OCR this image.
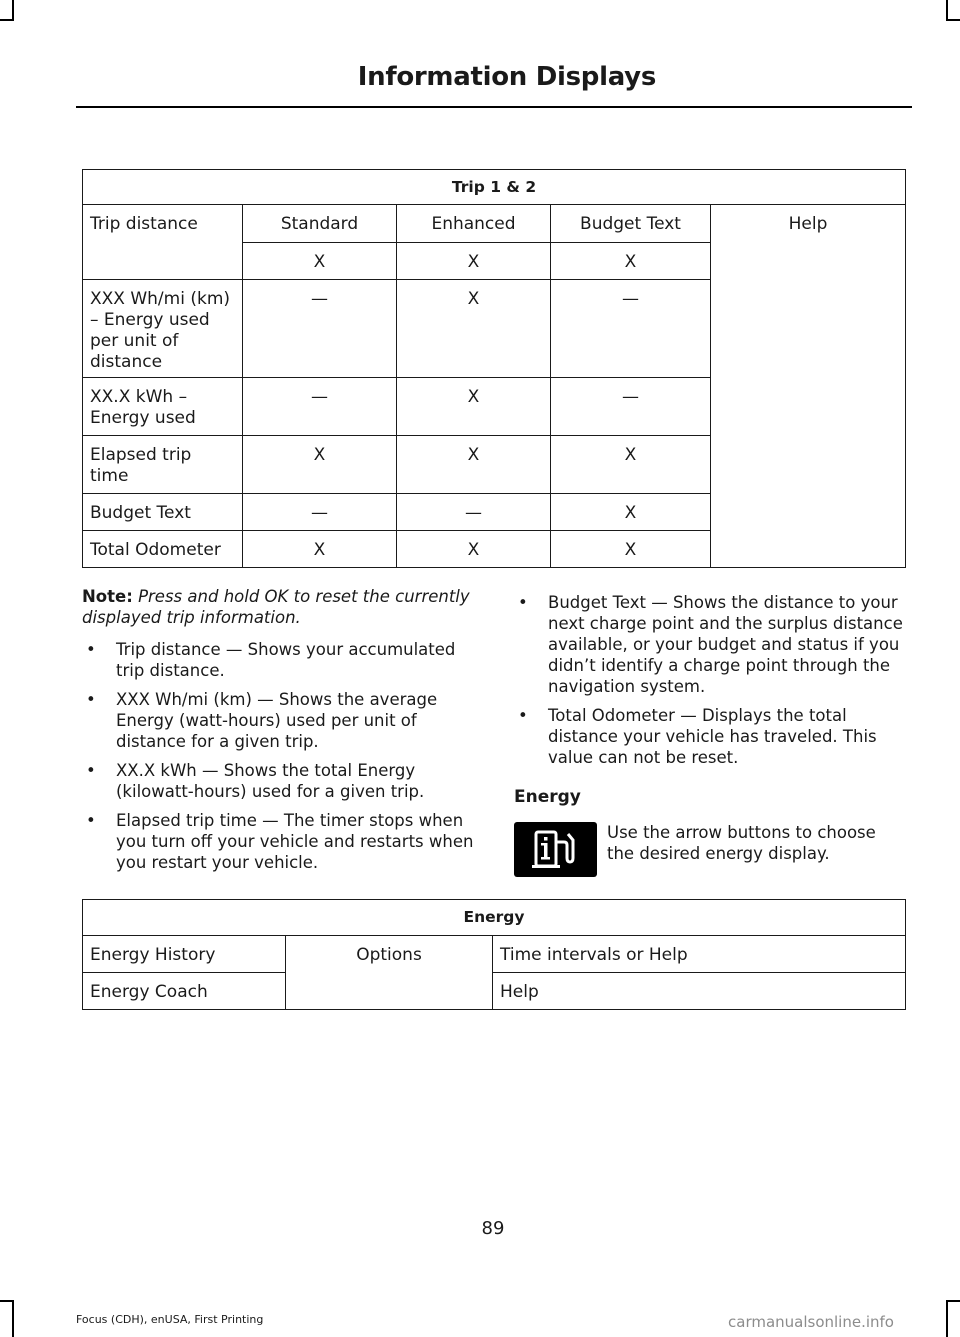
Information Displays
Trip 1 & 2				
Trip distance	Standard	Enhanced	Budget Text	Help
	X	X	X	
XXX Wh/mi (km) – Energy used per unit of distance	—	X	—	
XX.X kWh –Energy used	—	X	—	
Elapsed trip time	X	X	X	
Budget Text	—	—	X	
Total Odometer	X	X	X	

Note: Press and hold OK to reset the currently displayed trip information.

• Trip distance — Shows your accumulated trip distance.
• XXX Wh/mi (km) — Shows the average Energy (watt-hours) used per unit of distance for a given trip.
• XX.X kWh — Shows the total Energy (kilowatt-hours) used for a given trip.
• Elapsed trip time — The timer stops when you turn off your vehicle and restarts when you restart your vehicle.
• Budget Text — Shows the distance to your next charge point and the surplus distance available, or your budget and status if you didn’t identify a charge point through the navigation system.
• Total Odometer — Displays the total distance your vehicle has traveled. This value can not be reset.
Energy

Use the arrow buttons to choose the desired energy display.

Energy		
Energy History	Options	Time intervals or Help
Energy Coach		Help

89

Focus (CDH), enUSA, First Printing	carmanualsonline.info
